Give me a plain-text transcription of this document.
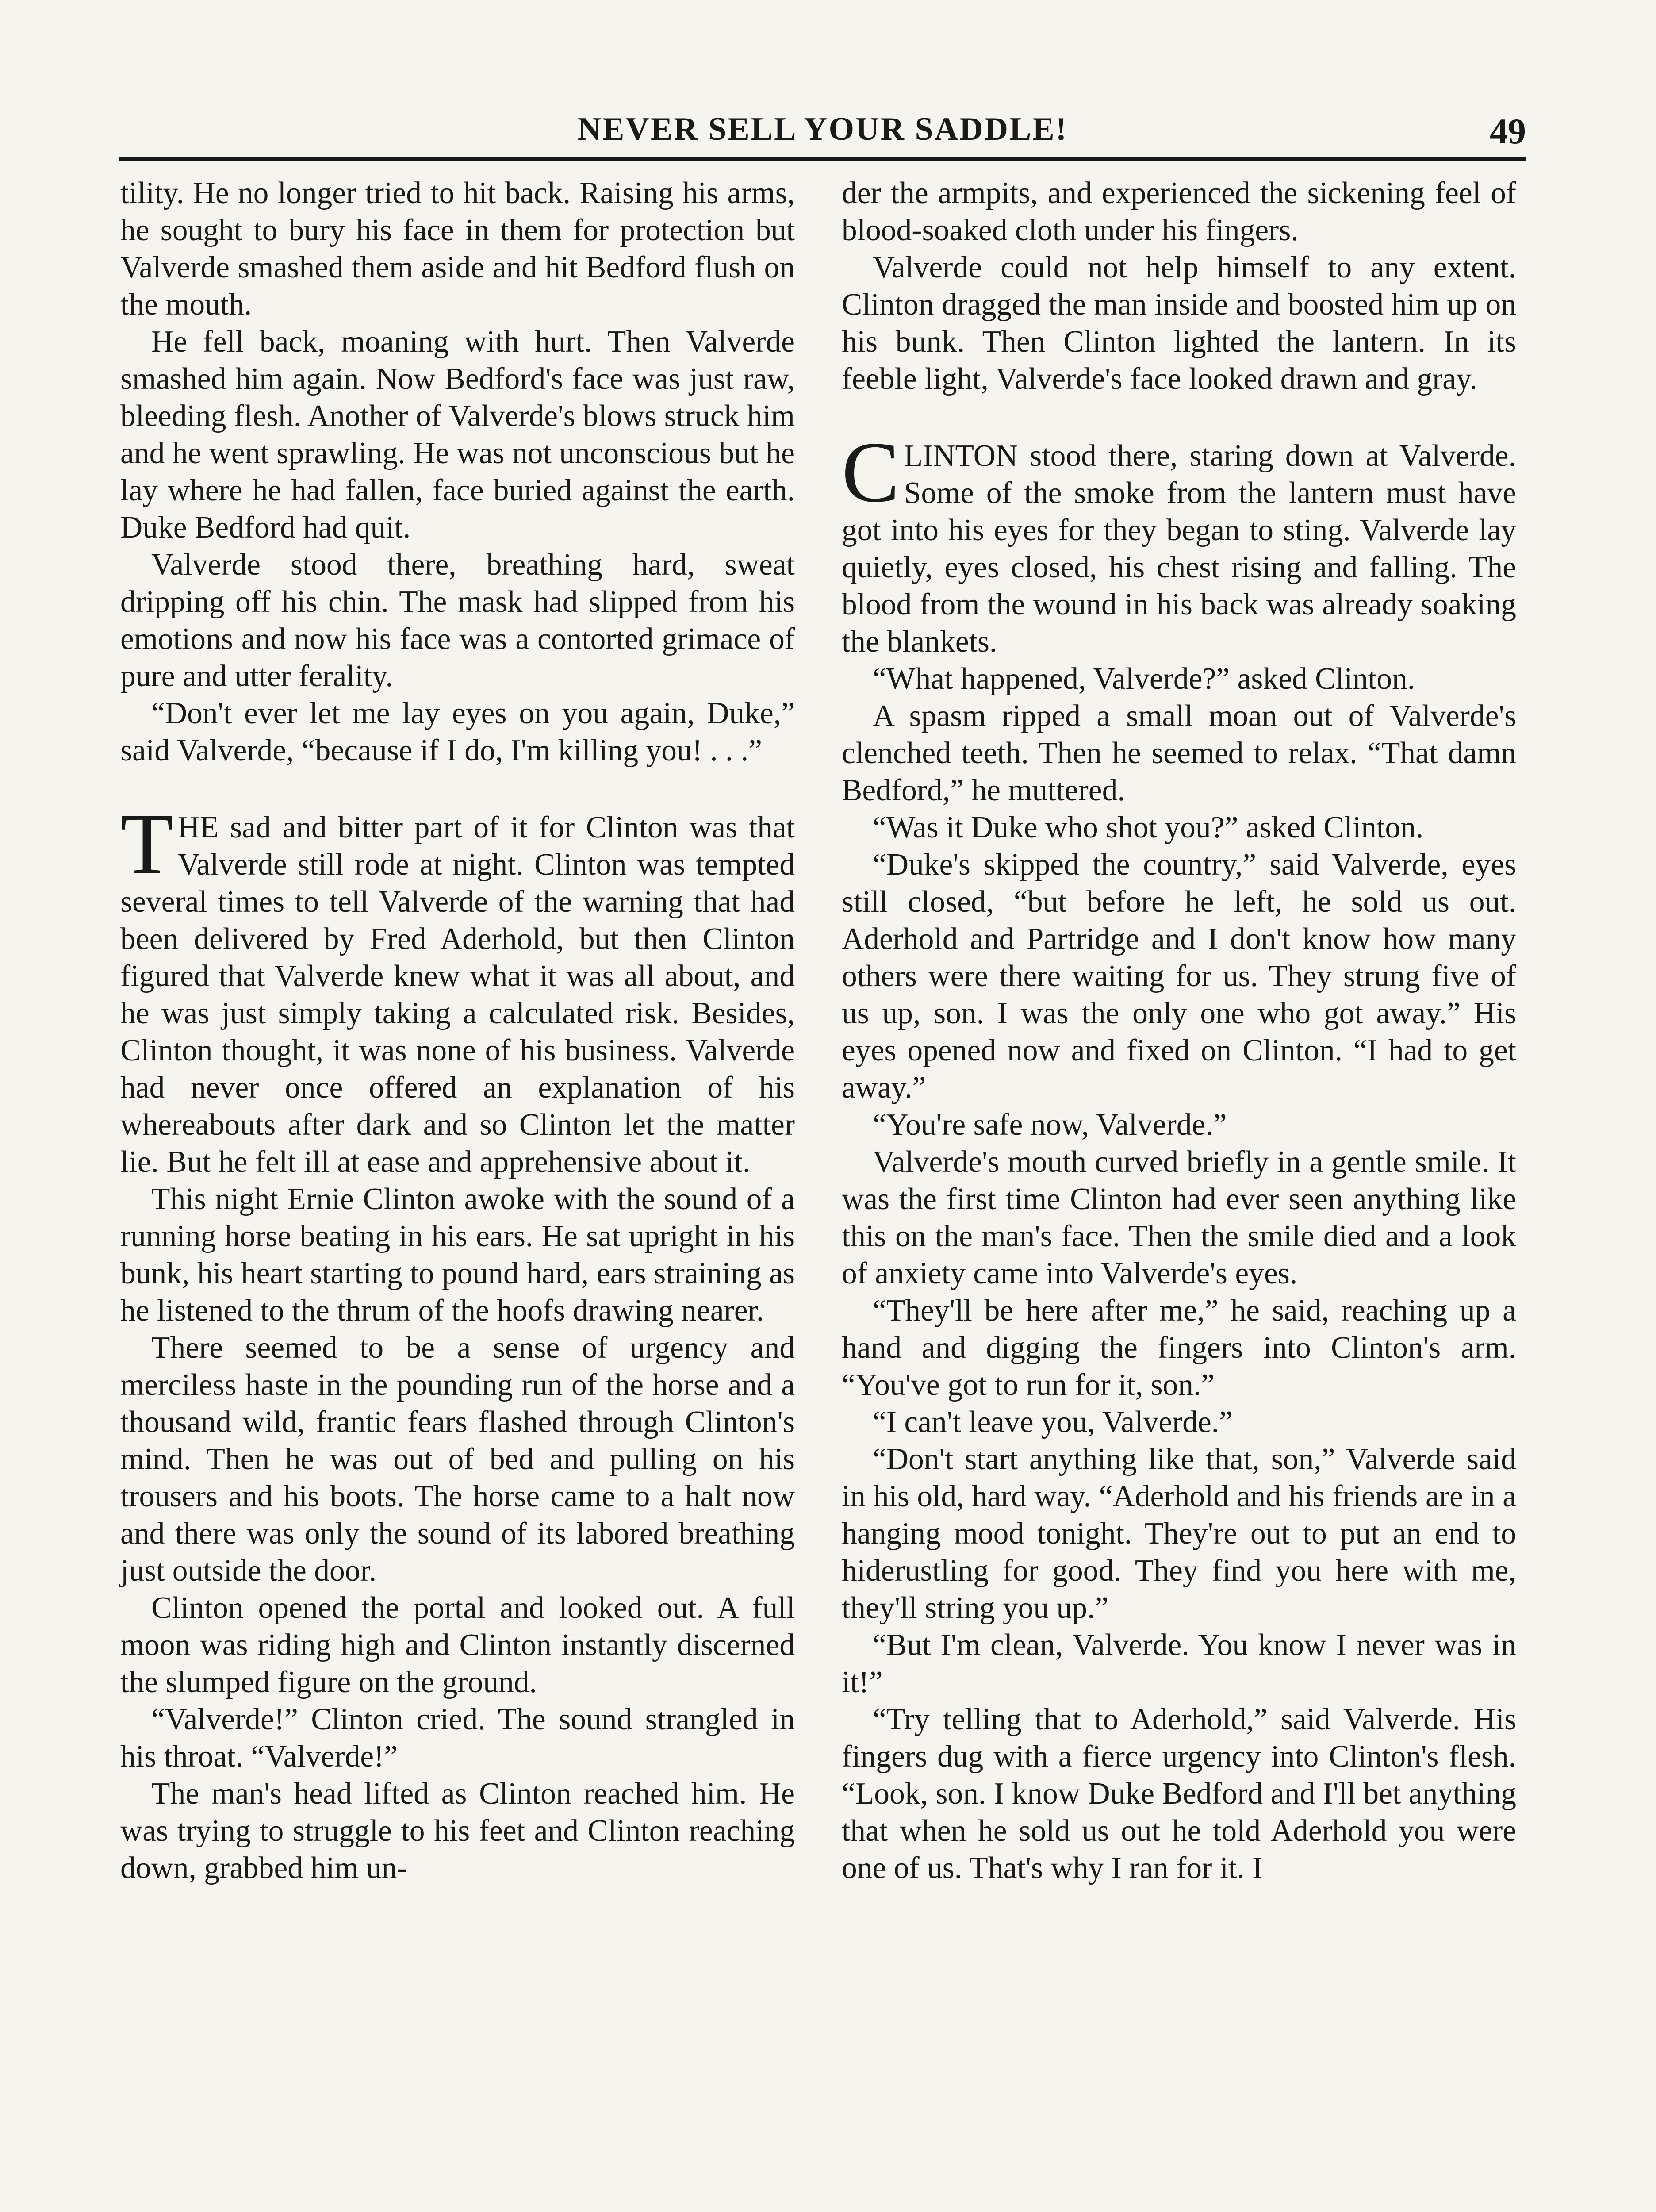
NEVER SELL YOUR SADDLE!	49

tility. He no longer tried to hit back. Raising his arms, he sought to bury his face in them for protection but Valverde smashed them aside and hit Bedford flush on the mouth.

He fell back, moaning with hurt. Then Valverde smashed him again. Now Bedford's face was just raw, bleeding flesh. Another of Valverde's blows struck him and he went sprawling. He was not unconscious but he lay where he had fallen, face buried against the earth. Duke Bedford had quit.

Valverde stood there, breathing hard, sweat dripping off his chin. The mask had slipped from his emotions and now his face was a contorted grimace of pure and utter ferality.

“Don't ever let me lay eyes on you again, Duke,” said Valverde, “because if I do, I'm killing you! . . .”

THE sad and bitter part of it for Clinton was that Valverde still rode at night. Clinton was tempted several times to tell Valverde of the warning that had been delivered by Fred Aderhold, but then Clinton figured that Valverde knew what it was all about, and he was just simply taking a calculated risk. Besides, Clinton thought, it was none of his business. Valverde had never once offered an explanation of his whereabouts after dark and so Clinton let the matter lie. But he felt ill at ease and apprehensive about it.

This night Ernie Clinton awoke with the sound of a running horse beating in his ears. He sat upright in his bunk, his heart starting to pound hard, ears straining as he listened to the thrum of the hoofs drawing nearer.

There seemed to be a sense of urgency and merciless haste in the pounding run of the horse and a thousand wild, frantic fears flashed through Clinton's mind. Then he was out of bed and pulling on his trousers and his boots. The horse came to a halt now and there was only the sound of its labored breathing just outside the door.

Clinton opened the portal and looked out. A full moon was riding high and Clinton instantly discerned the slumped figure on the ground.

“Valverde!” Clinton cried. The sound strangled in his throat. “Valverde!”

The man's head lifted as Clinton reached him. He was trying to struggle to his feet and Clinton reaching down, grabbed him un-

der the armpits, and experienced the sickening feel of blood-soaked cloth under his fingers.

Valverde could not help himself to any extent. Clinton dragged the man inside and boosted him up on his bunk. Then Clinton lighted the lantern. In its feeble light, Valverde's face looked drawn and gray.

CLINTON stood there, staring down at Valverde. Some of the smoke from the lantern must have got into his eyes for they began to sting. Valverde lay quietly, eyes closed, his chest rising and falling. The blood from the wound in his back was already soaking the blankets.

“What happened, Valverde?” asked Clinton.

A spasm ripped a small moan out of Valverde's clenched teeth. Then he seemed to relax. “That damn Bedford,” he muttered.

“Was it Duke who shot you?” asked Clinton.

“Duke's skipped the country,” said Valverde, eyes still closed, “but before he left, he sold us out. Aderhold and Partridge and I don't know how many others were there waiting for us. They strung five of us up, son. I was the only one who got away.” His eyes opened now and fixed on Clinton. “I had to get away.”

“You're safe now, Valverde.”

Valverde's mouth curved briefly in a gentle smile. It was the first time Clinton had ever seen anything like this on the man's face. Then the smile died and a look of anxiety came into Valverde's eyes.

“They'll be here after me,” he said, reaching up a hand and digging the fingers into Clinton's arm. “You've got to run for it, son.”

“I can't leave you, Valverde.”

“Don't start anything like that, son,” Valverde said in his old, hard way. “Aderhold and his friends are in a hanging mood tonight. They're out to put an end to hiderustling for good. They find you here with me, they'll string you up.”

“But I'm clean, Valverde. You know I never was in it!”

“Try telling that to Aderhold,” said Valverde. His fingers dug with a fierce urgency into Clinton's flesh. “Look, son. I know Duke Bedford and I'll bet anything that when he sold us out he told Aderhold you were one of us. That's why I ran for it. I
